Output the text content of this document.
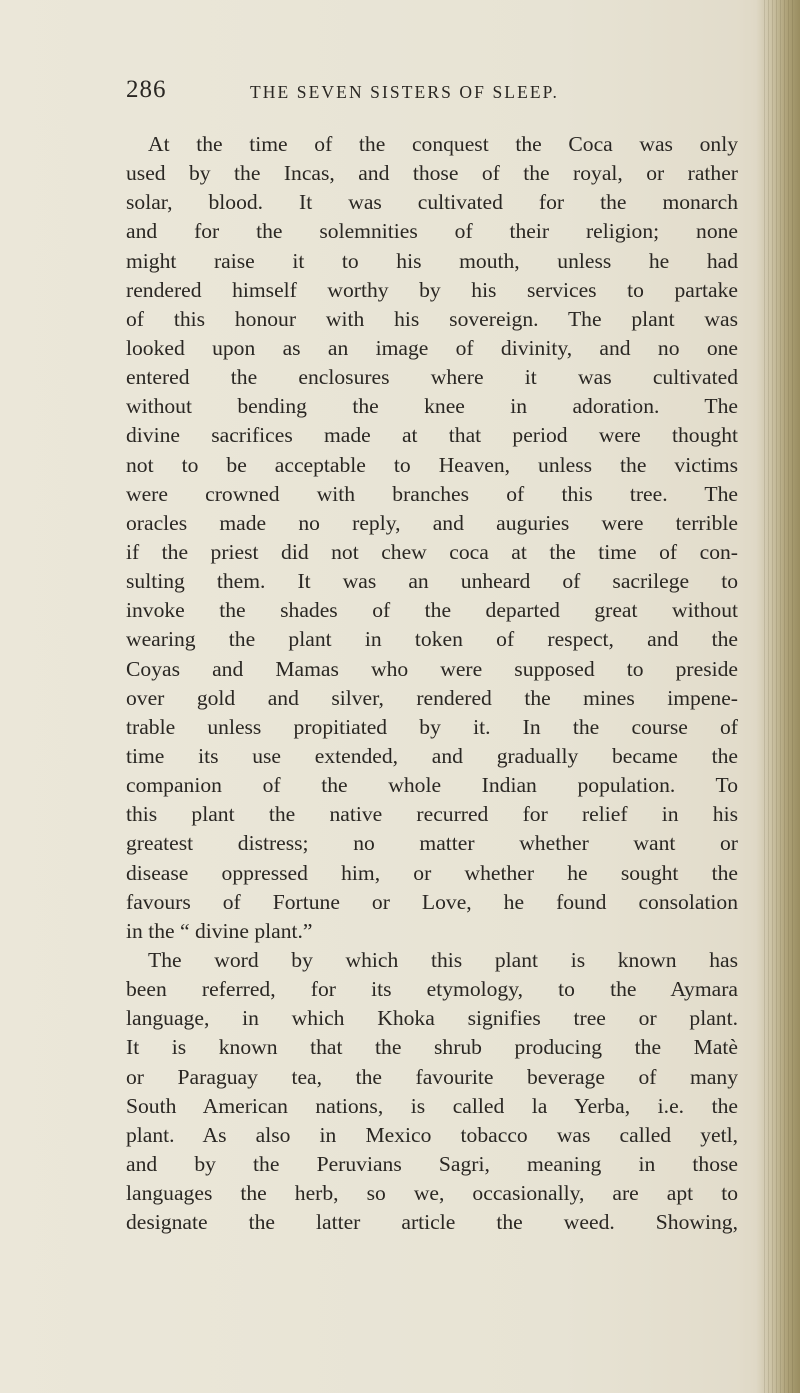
286	THE SEVEN SISTERS OF SLEEP.
At the time of the conquest the Coca was only
used by the Incas, and those of the royal, or rather
solar, blood. It was cultivated for the monarch
and for the solemnities of their religion; none
might raise it to his mouth, unless he had
rendered himself worthy by his services to partake
of this honour with his sovereign. The plant was
looked upon as an image of divinity, and no one
entered the enclosures where it was cultivated
without bending the knee in adoration. The
divine sacrifices made at that period were thought
not to be acceptable to Heaven, unless the victims
were crowned with branches of this tree. The
oracles made no reply, and auguries were terrible
if the priest did not chew coca at the time of con-
sulting them. It was an unheard of sacrilege to
invoke the shades of the departed great without
wearing the plant in token of respect, and the
Coyas and Mamas who were supposed to preside
over gold and silver, rendered the mines impene-
trable unless propitiated by it. In the course of
time its use extended, and gradually became the
companion of the whole Indian population. To
this plant the native recurred for relief in his
greatest distress; no matter whether want or
disease oppressed him, or whether he sought the
favours of Fortune or Love, he found consolation
in the “ divine plant.”
The word by which this plant is known has
been referred, for its etymology, to the Aymara
language, in which Khoka signifies tree or plant.
It is known that the shrub producing the Matè
or Paraguay tea, the favourite beverage of many
South American nations, is called la Yerba, i.e. the
plant. As also in Mexico tobacco was called yetl,
and by the Peruvians Sagri, meaning in those
languages the herb, so we, occasionally, are apt to
designate the latter article the weed. Showing,
